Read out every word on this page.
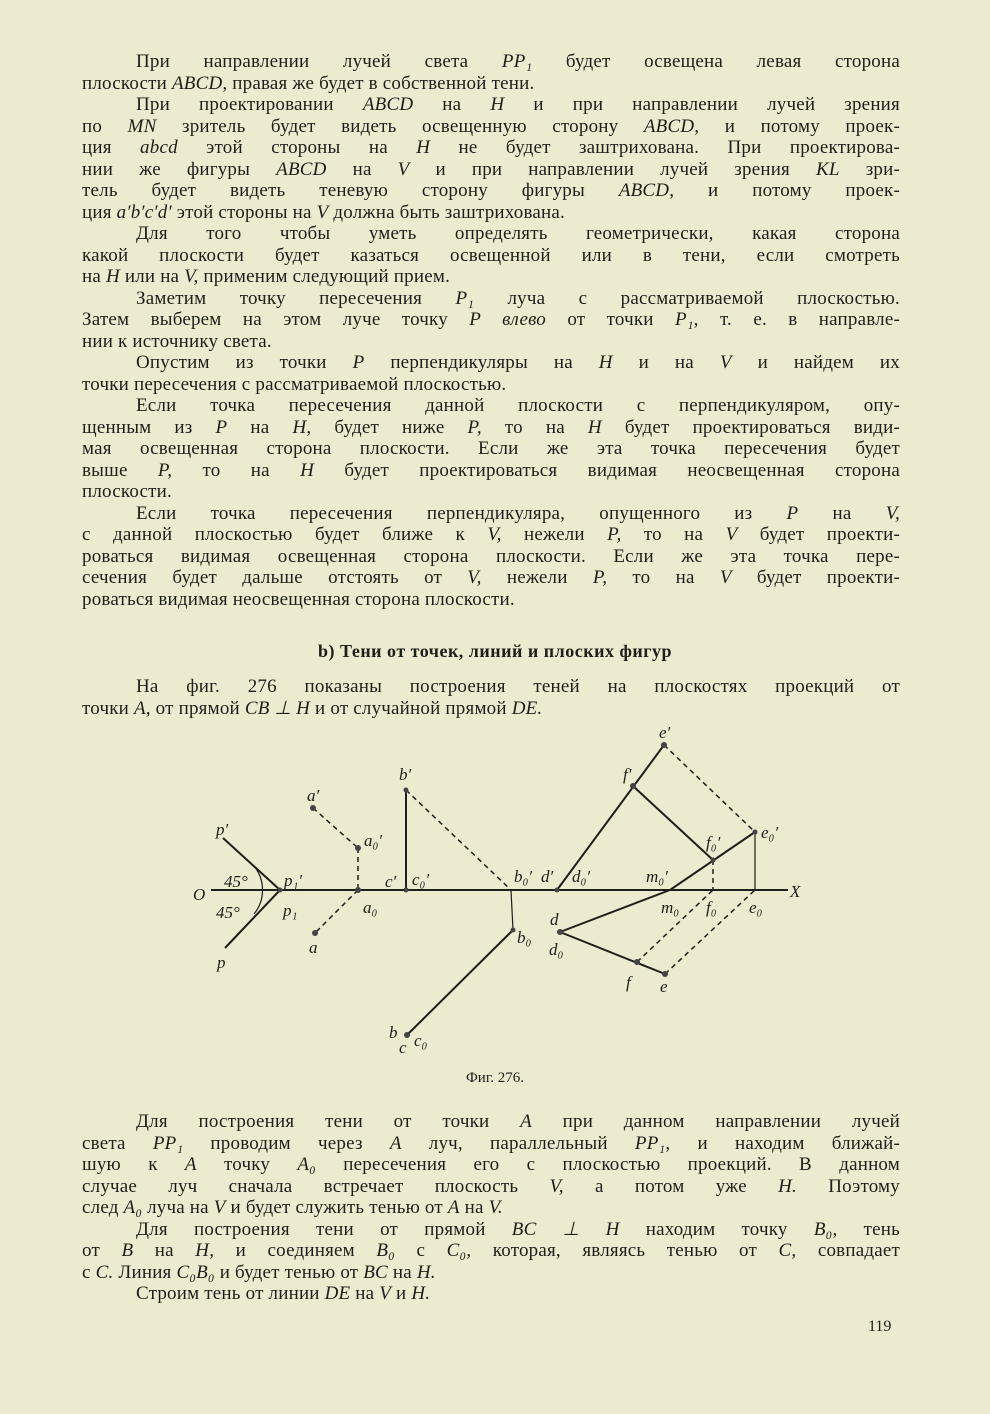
При направлении лучей света PP₁ будет освещена левая сторона
плоскости ABCD, правая же будет в собственной тени.
При проектировании ABCD на H и при направлении лучей зрения
по MN зритель будет видеть освещенную сторону ABCD, и потому проек-
ция abcd этой стороны на H не будет заштрихована. При проектирова-
нии же фигуры ABCD на V и при направлении лучей зрения KL зри-
тель будет видеть теневую сторону фигуры ABCD, и потому проек-
ция a′b′c′d′ этой стороны на V должна быть заштрихована.
Для того чтобы уметь определять геометрически, какая сторона
какой плоскости будет казаться освещенной или в тени, если смотреть
на H или на V, применим следующий прием.
Заметим точку пересечения P₁ луча с рассматриваемой плоскостью.
Затем выберем на этом луче точку P влево от точки P₁, т. е. в направле-
нии к источнику света.
Опустим из точки P перпендикуляры на H и на V и найдем их
точки пересечения с рассматриваемой плоскостью.
Если точка пересечения данной плоскости с перпендикуляром, опу-
щенным из P на H, будет ниже P, то на H будет проектироваться види-
мая освещенная сторона плоскости. Если же эта точка пересечения будет
выше P, то на H будет проектироваться видимая неосвещенная сторона
плоскости.
Если точка пересечения перпендикуляра, опущенного из P на V,
с данной плоскостью будет ближе к V, нежели P, то на V будет проекти-
роваться видимая освещенная сторона плоскости. Если же эта точка пере-
сечения будет дальше отстоять от V, нежели P, то на V будет проекти-
роваться видимая неосвещенная сторона плоскости.
b) Тени от точек, линий и плоских фигур
На фиг. 276 показаны построения теней на плоскостях проекций от
точки A, от прямой CB ⊥ H и от случайной прямой DE.
O	X
p′
p
45°
45°
p₁′
p₁
a′
a₀′
a₀
a
b′
c′ c₀′	b₀′
b₀
b c₀
c
d′ d₀′
e′
f′
e₀′
f₀′
m₀′
m₀ f₀ e₀
d
d₀
f e
Фиг. 276.
Для построения тени от точки A при данном направлении лучей
света PP₁ проводим через A луч, параллельный PP₁, и находим ближай-
шую к A точку A₀ пересечения его с плоскостью проекций. В данном
случае луч сначала встречает плоскость V, а потом уже H. Поэтому
след A₀ луча на V и будет служить тенью от A на V.
Для построения тени от прямой BC ⊥ H находим точку B₀, тень
от B на H, и соединяем B₀ с C₀, которая, являясь тенью от C, совпадает
с C. Линия C₀B₀ и будет тенью от BC на H.
Строим тень от линии DE на V и H.
119
